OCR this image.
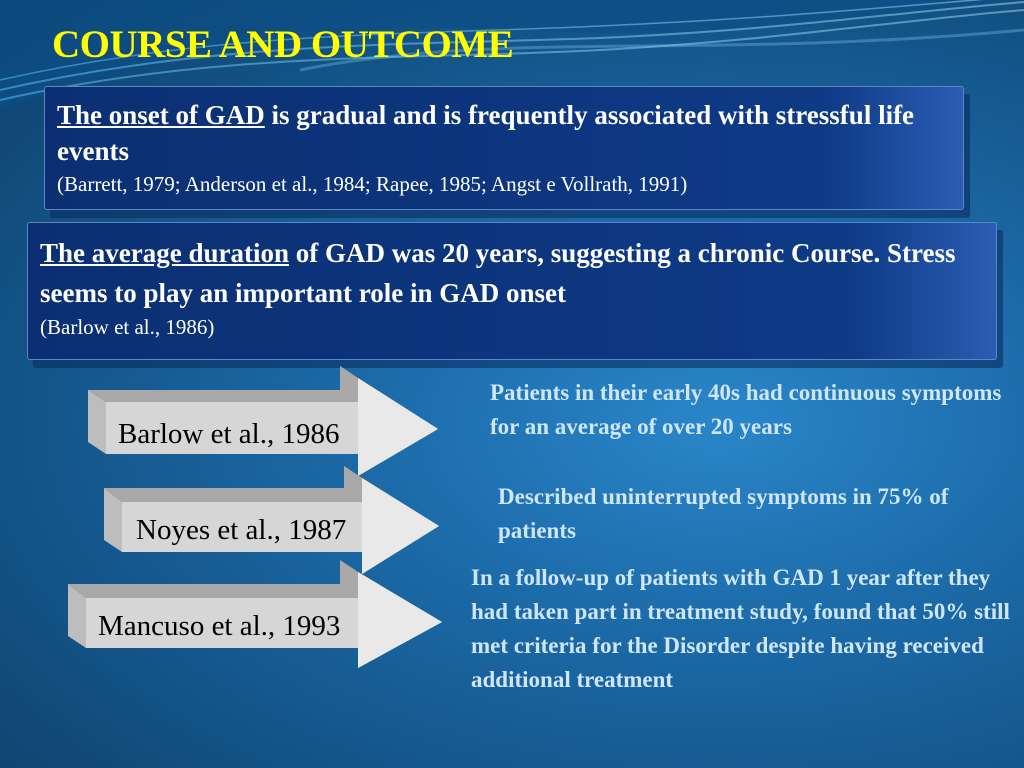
COURSE AND OUTCOME
The onset of GAD is gradual and is frequently associated with stressful life events
(Barrett, 1979; Anderson et al., 1984; Rapee, 1985; Angst e Vollrath, 1991)
The average duration of GAD was 20 years, suggesting a chronic Course. Stress seems to play an important role in GAD onset
(Barlow et al., 1986)
Barlow et al., 1986
Noyes et al., 1987
Mancuso et al., 1993
Patients in their early 40s had continuous symptoms for an average of over 20 years
Described uninterrupted symptoms in 75% of patients
In a follow-up of patients with GAD 1 year after they had taken part in treatment study, found that 50% still met criteria for the Disorder despite having received additional treatment
